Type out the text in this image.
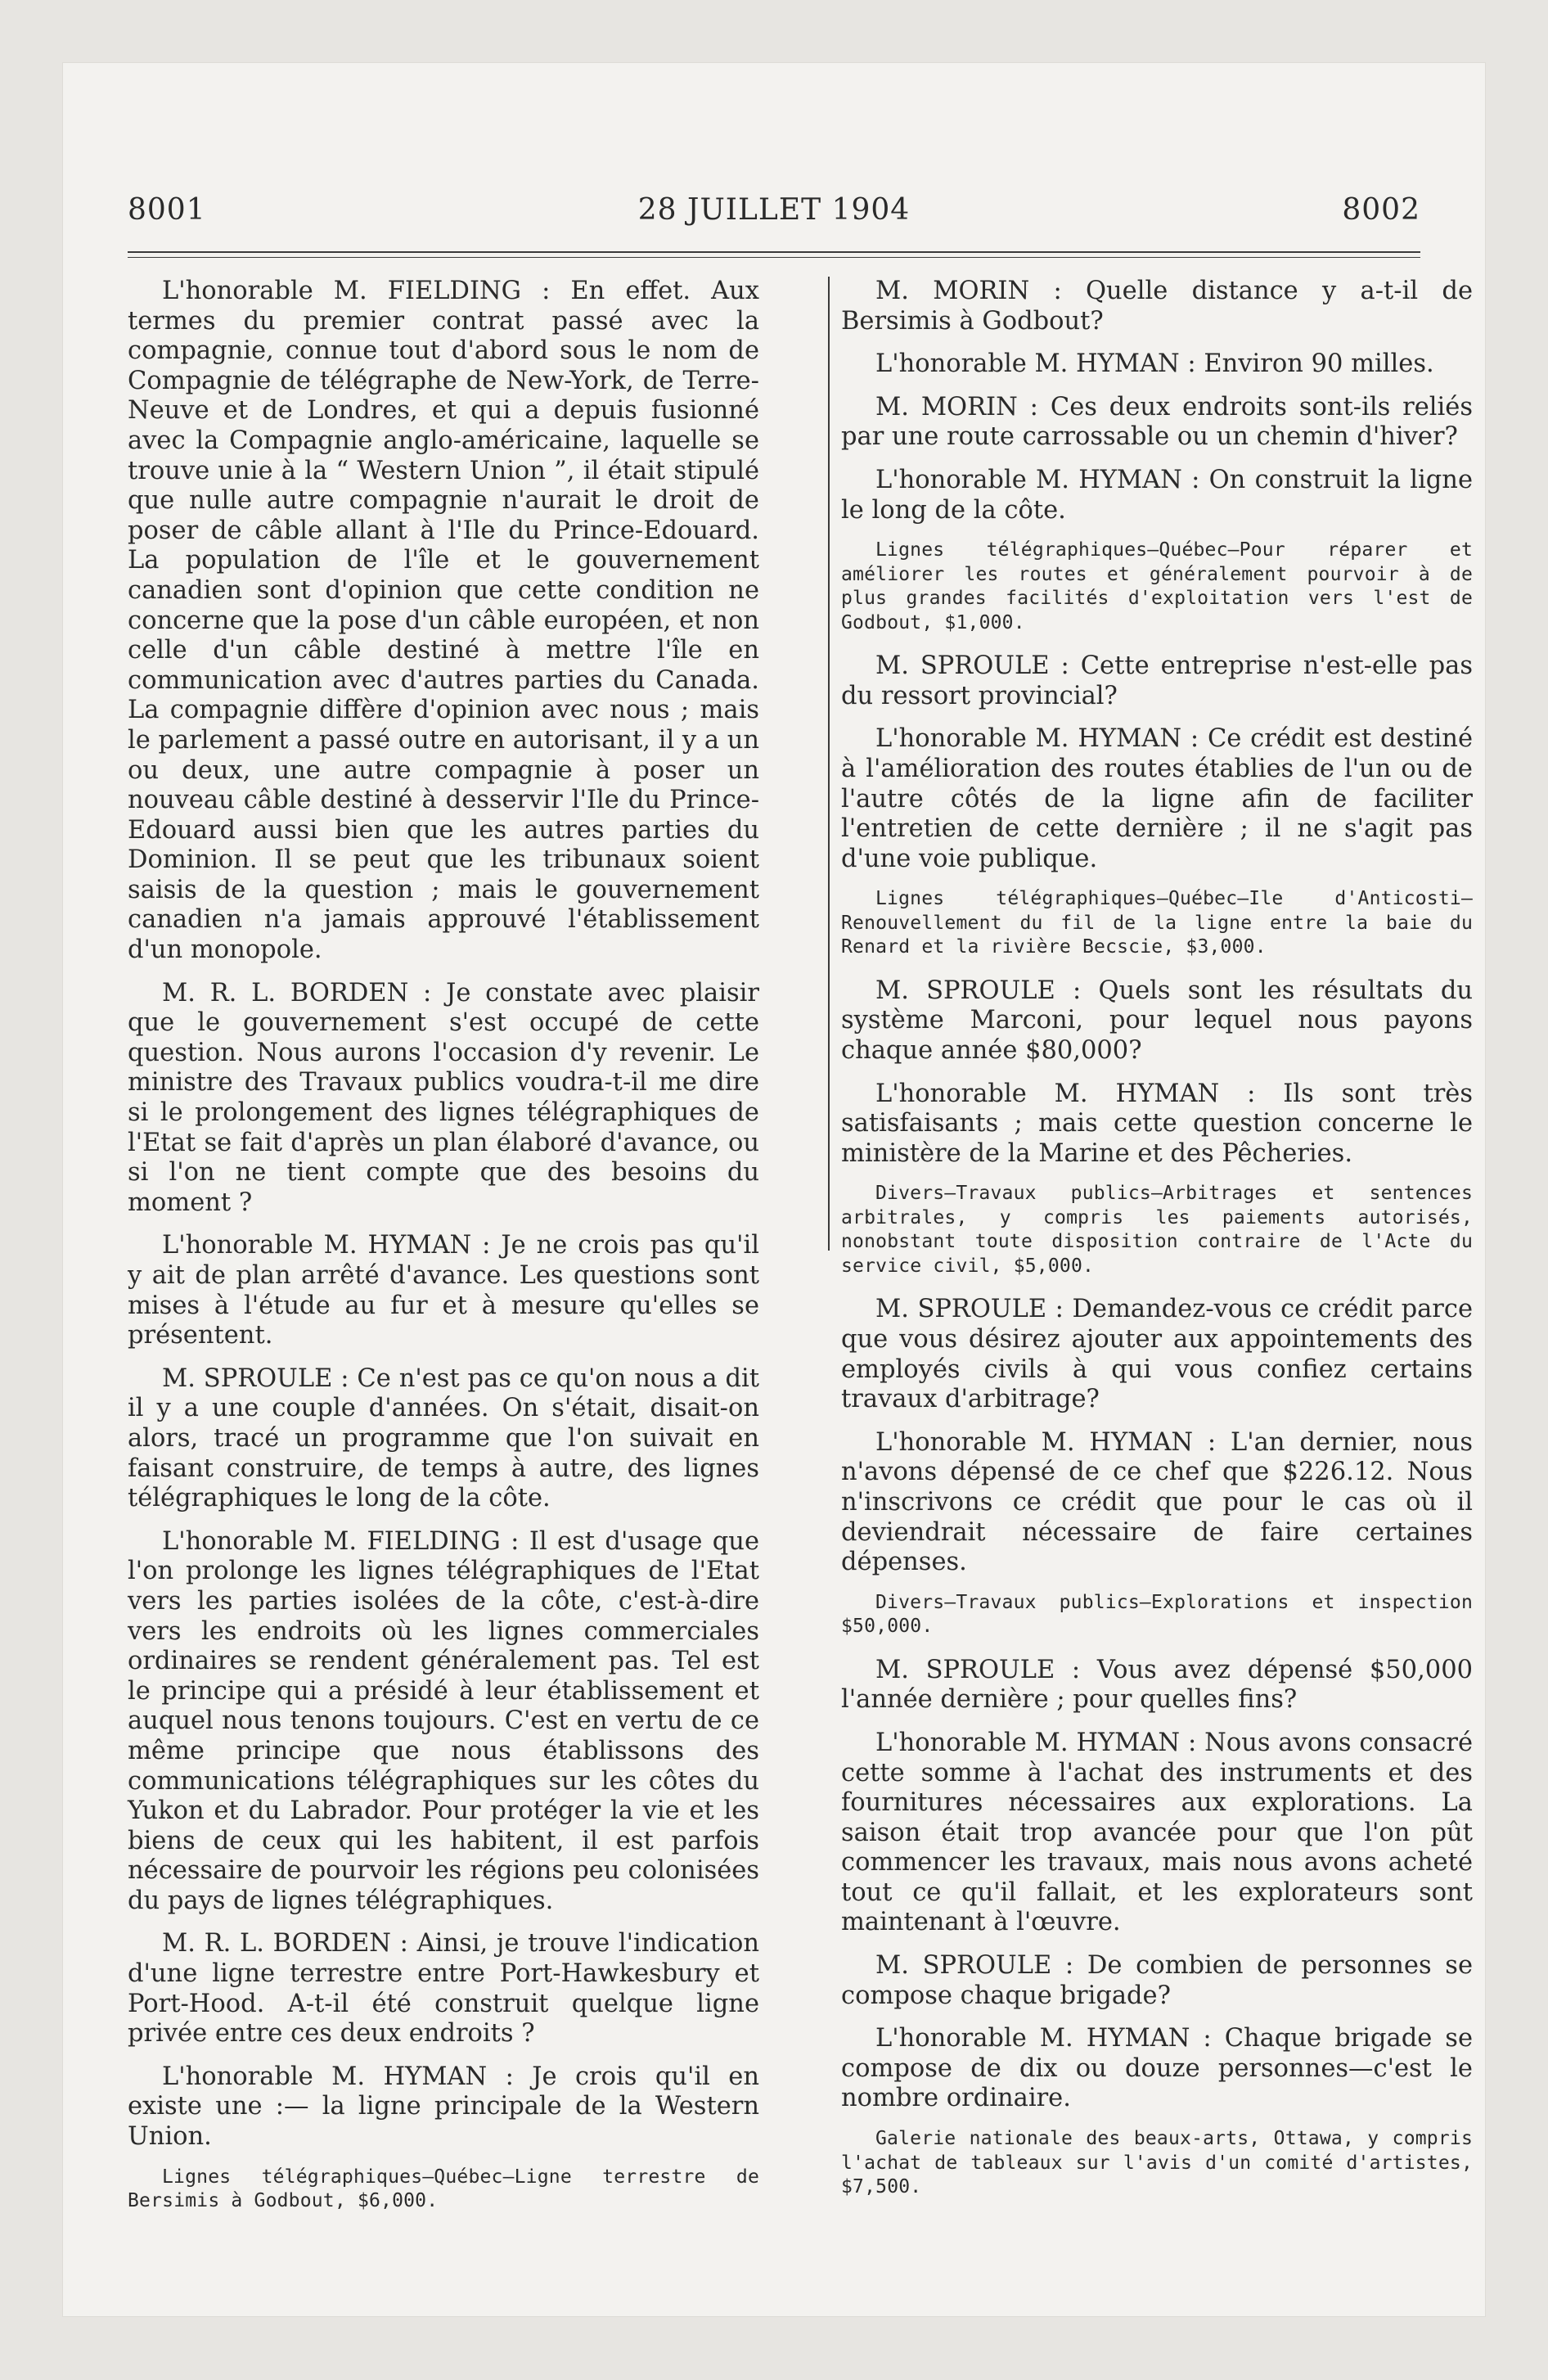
8001	28 JUILLET 1904	8002

L'honorable M. FIELDING : En effet. Aux termes du premier contrat passé avec la compagnie, connue tout d'abord sous le nom de Compagnie de télégraphe de New-York, de Terre-Neuve et de Londres, et qui a depuis fusionné avec la Compagnie anglo-américaine, laquelle se trouve unie à la “ Western Union ”, il était stipulé que nulle autre compagnie n'aurait le droit de poser de câble allant à l'Ile du Prince-Edouard. La population de l'île et le gouvernement canadien sont d'opinion que cette condition ne concerne que la pose d'un câble européen, et non celle d'un câble destiné à mettre l'île en communication avec d'autres parties du Canada. La compagnie diffère d'opinion avec nous ; mais le parlement a passé outre en autorisant, il y a un ou deux, une autre compagnie à poser un nouveau câble destiné à desservir l'Ile du Prince-Edouard aussi bien que les autres parties du Dominion. Il se peut que les tribunaux soient saisis de la question ; mais le gouvernement canadien n'a jamais approuvé l'établissement d'un monopole.

M. R. L. BORDEN : Je constate avec plaisir que le gouvernement s'est occupé de cette question. Nous aurons l'occasion d'y revenir. Le ministre des Travaux publics voudra-t-il me dire si le prolongement des lignes télégraphiques de l'Etat se fait d'après un plan élaboré d'avance, ou si l'on ne tient compte que des besoins du moment ?

L'honorable M. HYMAN : Je ne crois pas qu'il y ait de plan arrêté d'avance. Les questions sont mises à l'étude au fur et à mesure qu'elles se présentent.

M. SPROULE : Ce n'est pas ce qu'on nous a dit il y a une couple d'années. On s'était, disait-on alors, tracé un programme que l'on suivait en faisant construire, de temps à autre, des lignes télégraphiques le long de la côte.

L'honorable M. FIELDING : Il est d'usage que l'on prolonge les lignes télégraphiques de l'Etat vers les parties isolées de la côte, c'est-à-dire vers les endroits où les lignes commerciales ordinaires se rendent généralement pas. Tel est le principe qui a présidé à leur établissement et auquel nous tenons toujours. C'est en vertu de ce même principe que nous établissons des communications télégraphiques sur les côtes du Yukon et du Labrador. Pour protéger la vie et les biens de ceux qui les habitent, il est parfois nécessaire de pourvoir les régions peu colonisées du pays de lignes télégraphiques.

M. R. L. BORDEN : Ainsi, je trouve l'indication d'une ligne terrestre entre Port-Hawkesbury et Port-Hood. A-t-il été construit quelque ligne privée entre ces deux endroits ?

L'honorable M. HYMAN : Je crois qu'il en existe une :— la ligne principale de la Western Union.

Lignes télégraphiques—Québec—Ligne terrestre de Bersimis à Godbout, $6,000.

M. MORIN : Quelle distance y a-t-il de Bersimis à Godbout?

L'honorable M. HYMAN : Environ 90 milles.

M. MORIN : Ces deux endroits sont-ils reliés par une route carrossable ou un chemin d'hiver?

L'honorable M. HYMAN : On construit la ligne le long de la côte.

Lignes télégraphiques—Québec—Pour réparer et améliorer les routes et généralement pourvoir à de plus grandes facilités d'exploitation vers l'est de Godbout, $1,000.

M. SPROULE : Cette entreprise n'est-elle pas du ressort provincial?

L'honorable M. HYMAN : Ce crédit est destiné à l'amélioration des routes établies de l'un ou de l'autre côtés de la ligne afin de faciliter l'entretien de cette dernière ; il ne s'agit pas d'une voie publique.

Lignes télégraphiques—Québec—Ile d'Anticosti—Renouvellement du fil de la ligne entre la baie du Renard et la rivière Becscie, $3,000.

M. SPROULE : Quels sont les résultats du système Marconi, pour lequel nous payons chaque année $80,000?

L'honorable M. HYMAN : Ils sont très satisfaisants ; mais cette question concerne le ministère de la Marine et des Pêcheries.

Divers—Travaux publics—Arbitrages et sentences arbitrales, y compris les paiements autorisés, nonobstant toute disposition contraire de l'Acte du service civil, $5,000.

M. SPROULE : Demandez-vous ce crédit parce que vous désirez ajouter aux appointements des employés civils à qui vous confiez certains travaux d'arbitrage?

L'honorable M. HYMAN : L'an dernier, nous n'avons dépensé de ce chef que $226.12. Nous n'inscrivons ce crédit que pour le cas où il deviendrait nécessaire de faire certaines dépenses.

Divers—Travaux publics—Explorations et inspection $50,000.

M. SPROULE : Vous avez dépensé $50,000 l'année dernière ; pour quelles fins?

L'honorable M. HYMAN : Nous avons consacré cette somme à l'achat des instruments et des fournitures nécessaires aux explorations. La saison était trop avancée pour que l'on pût commencer les travaux, mais nous avons acheté tout ce qu'il fallait, et les explorateurs sont maintenant à l'œuvre.

M. SPROULE : De combien de personnes se compose chaque brigade?

L'honorable M. HYMAN : Chaque brigade se compose de dix ou douze personnes—c'est le nombre ordinaire.

Galerie nationale des beaux-arts, Ottawa, y compris l'achat de tableaux sur l'avis d'un comité d'artistes, $7,500.
